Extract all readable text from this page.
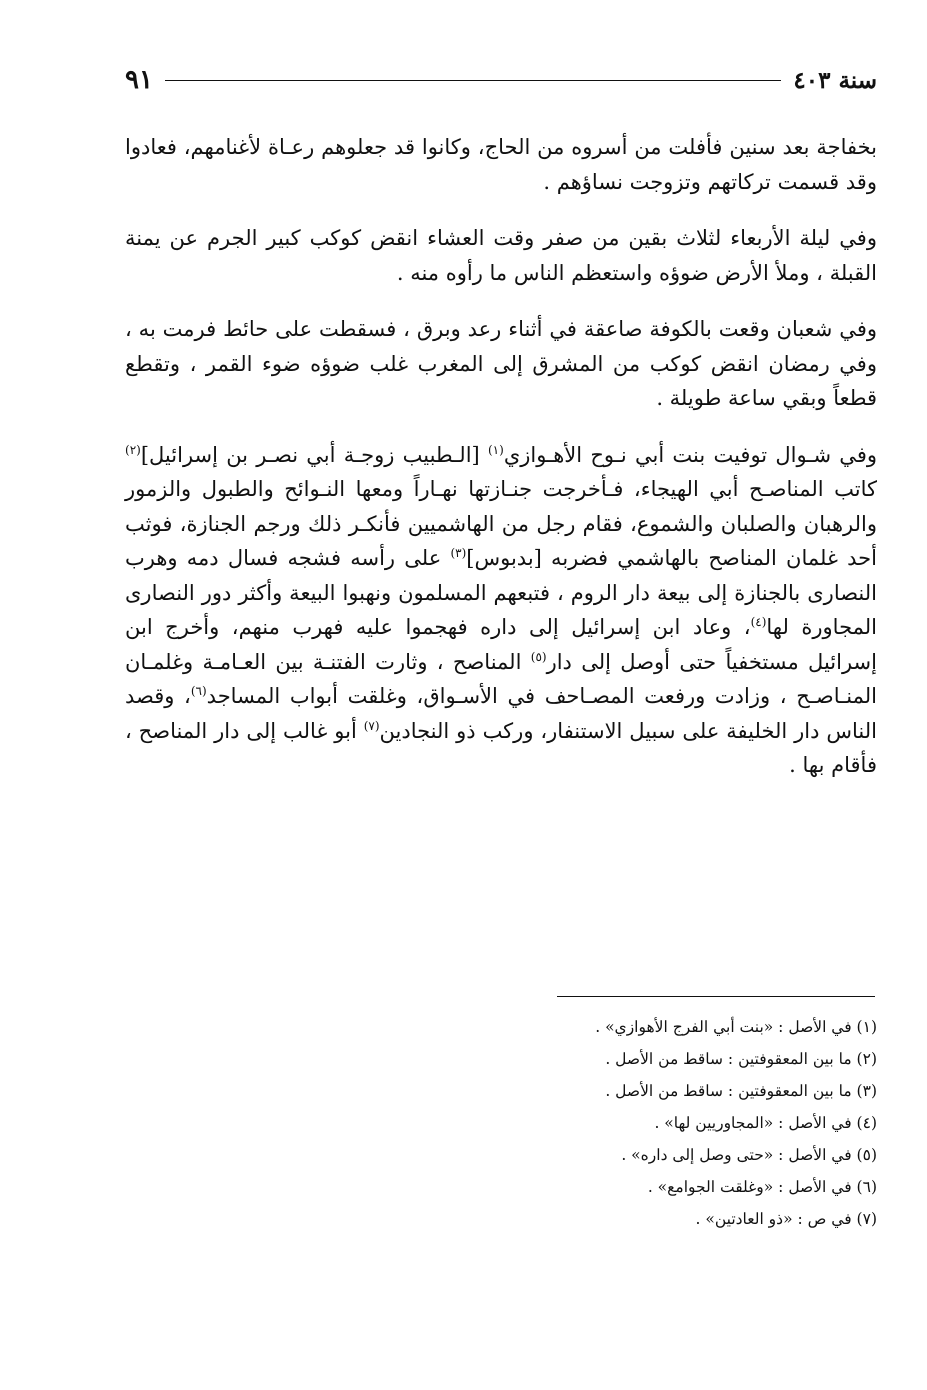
سنة ٤٠٣
٩١

بخفاجة بعد سنين فأفلت من أسروه من الحاج، وكانوا قد جعلوهم رعـاة لأغنامهم، فعادوا وقد قسمت تركاتهم وتزوجت نساؤهم .

وفي ليلة الأربعاء لثلاث بقين من صفر وقت العشاء انقض كوكب كبير الجرم عن يمنة القبلة ، وملأ الأرض ضوؤه واستعظم الناس ما رأوه منه .

وفي شعبان وقعت بالكوفة صاعقة في أثناء رعد وبرق ، فسقطت على حائط فرمت به ، وفي رمضان انقض كوكب من المشرق إلى المغرب غلب ضوؤه ضوء القمر ، وتقطع قطعاً وبقي ساعة طويلة .

وفي شـوال توفيت بنت أبي نـوح الأهـوازي$^{(١)}$ [الـطبيب زوجـة أبي نصـر بن إسرائيل]$^{(٢)}$ كاتب المناصـح أبي الهيجاء، فـأخرجت جنـازتها نهـاراً ومعها النـوائح والطبول والزمور والرهبان والصلبان والشموع، فقام رجل من الهاشميين فأنكـر ذلك ورجم الجنازة، فوثب أحد غلمان المناصح بالهاشمي فضربه [بدبوس]$^{(٣)}$ على رأسه فشجه فسال دمه وهرب النصارى بالجنازة إلى بيعة دار الروم ، فتبعهم المسلمون ونهبوا البيعة وأكثر دور النصارى المجاورة لها$^{(٤)}$، وعاد ابن إسرائيل إلى داره فهجموا عليه فهرب منهم، وأخرج ابن إسرائيل مستخفياً حتى أوصل إلى دار$^{(٥)}$ المناصح ، وثارت الفتنـة بين العـامـة وغلمـان المنـاصـح ، وزادت ورفعت المصـاحف في الأسـواق، وغلقت أبواب المساجد$^{(٦)}$، وقصد الناس دار الخليفة على سبيل الاستنفار، وركب ذو النجادين$^{(٧)}$ أبو غالب إلى دار المناصح ، فأقام بها .

(١) في الأصل : «بنت أبي الفرج الأهوازي» .
(٢) ما بين المعقوفتين : ساقط من الأصل .
(٣) ما بين المعقوفتين : ساقط من الأصل .
(٤) في الأصل : «المجاوريين لها» .
(٥) في الأصل : «حتى وصل إلى داره» .
(٦) في الأصل : «وغلقت الجوامع» .
(٧) في ص : «ذو العادتين» .
